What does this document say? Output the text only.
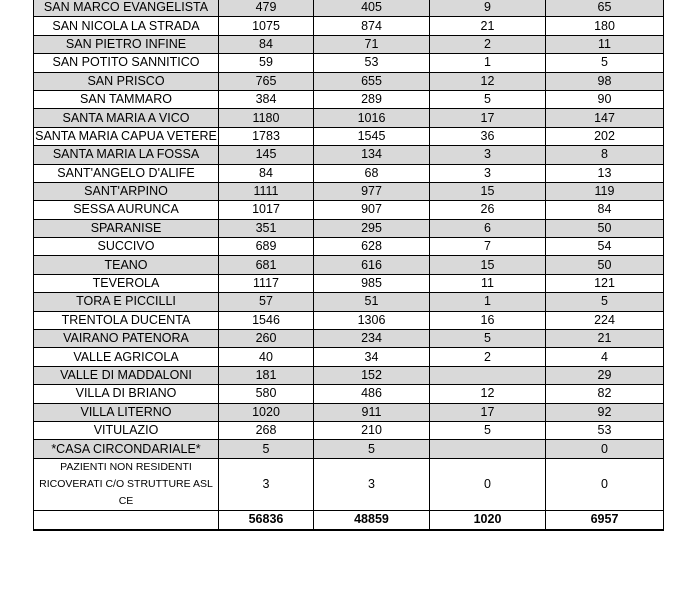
SAN MARCO EVANGELISTA	479	405	9	65
SAN NICOLA LA STRADA	1075	874	21	180
SAN PIETRO INFINE	84	71	2	11
SAN POTITO SANNITICO	59	53	1	5
SAN PRISCO	765	655	12	98
SAN TAMMARO	384	289	5	90
SANTA MARIA A VICO	1180	1016	17	147
SANTA MARIA CAPUA VETERE	1783	1545	36	202
SANTA MARIA LA FOSSA	145	134	3	8
SANT'ANGELO D'ALIFE	84	68	3	13
SANT'ARPINO	1111	977	15	119
SESSA AURUNCA	1017	907	26	84
SPARANISE	351	295	6	50
SUCCIVO	689	628	7	54
TEANO	681	616	15	50
TEVEROLA	1117	985	11	121
TORA E PICCILLI	57	51	1	5
TRENTOLA DUCENTA	1546	1306	16	224
VAIRANO PATENORA	260	234	5	21
VALLE AGRICOLA	40	34	2	4
VALLE DI MADDALONI	181	152		29
VILLA DI BRIANO	580	486	12	82
VILLA LITERNO	1020	911	17	92
VITULAZIO	268	210	5	53
*CASA CIRCONDARIALE*	5	5		0
PAZIENTI NON RESIDENTI RICOVERATI C/O STRUTTURE ASL CE	3	3	0	0
	56836	48859	1020	6957
